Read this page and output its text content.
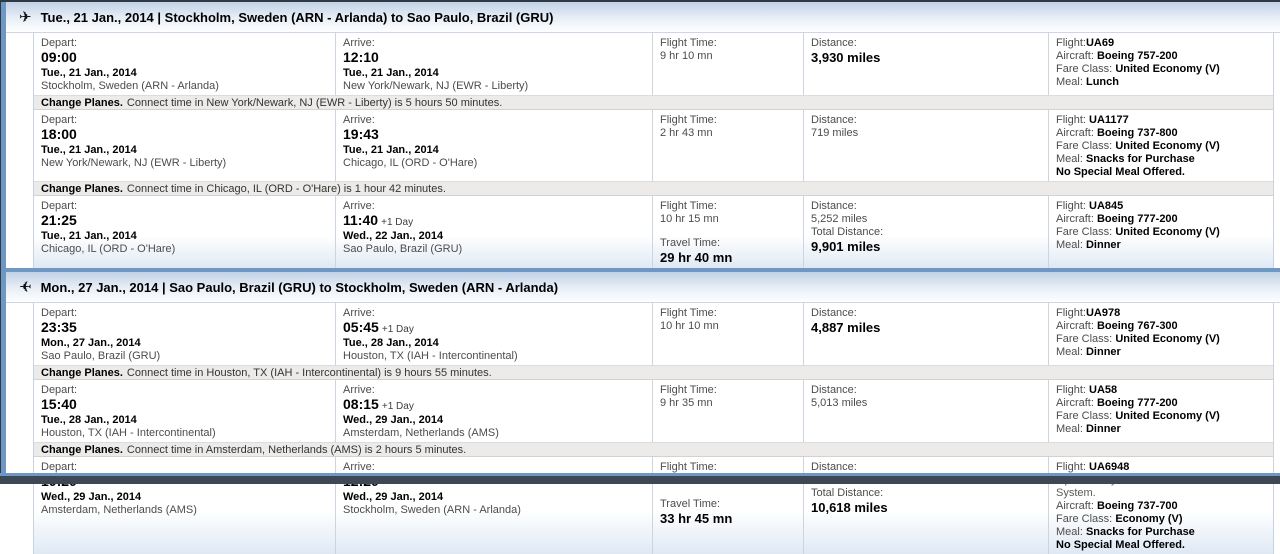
✈ Tue., 21 Jan., 2014 | Stockholm, Sweden (ARN - Arlanda) to Sao Paulo, Brazil (GRU)
Depart:
09:00
Tue., 21 Jan., 2014
Stockholm, Sweden (ARN - Arlanda)
Arrive:
12:10
Tue., 21 Jan., 2014
New York/Newark, NJ (EWR - Liberty)
Flight Time:
9 hr 10 mn
Distance:
3,930 miles
Flight:UA69
Aircraft: Boeing 757-200
Fare Class: United Economy (V)
Meal: Lunch
Change Planes. Connect time in New York/Newark, NJ (EWR - Liberty) is 5 hours 50 minutes.
Depart:
18:00
Tue., 21 Jan., 2014
New York/Newark, NJ (EWR - Liberty)
Arrive:
19:43
Tue., 21 Jan., 2014
Chicago, IL (ORD - O'Hare)
Flight Time:
2 hr 43 mn
Distance:
719 miles
Flight: UA1177
Aircraft: Boeing 737-800
Fare Class: United Economy (V)
Meal: Snacks for Purchase
No Special Meal Offered.
Change Planes. Connect time in Chicago, IL (ORD - O'Hare) is 1 hour 42 minutes.
Depart:
21:25
Tue., 21 Jan., 2014
Chicago, IL (ORD - O'Hare)
Arrive:
11:40 +1 Day
Wed., 22 Jan., 2014
Sao Paulo, Brazil (GRU)
Flight Time:
10 hr 15 mn
Travel Time:
29 hr 40 mn
Distance:
5,252 miles
Total Distance:
9,901 miles
Flight: UA845
Aircraft: Boeing 777-200
Fare Class: United Economy (V)
Meal: Dinner
✈ Mon., 27 Jan., 2014 | Sao Paulo, Brazil (GRU) to Stockholm, Sweden (ARN - Arlanda)
Depart:
23:35
Mon., 27 Jan., 2014
Sao Paulo, Brazil (GRU)
Arrive:
05:45 +1 Day
Tue., 28 Jan., 2014
Houston, TX (IAH - Intercontinental)
Flight Time:
10 hr 10 mn
Distance:
4,887 miles
Flight:UA978
Aircraft: Boeing 767-300
Fare Class: United Economy (V)
Meal: Dinner
Change Planes. Connect time in Houston, TX (IAH - Intercontinental) is 9 hours 55 minutes.
Depart:
15:40
Tue., 28 Jan., 2014
Houston, TX (IAH - Intercontinental)
Arrive:
08:15 +1 Day
Wed., 29 Jan., 2014
Amsterdam, Netherlands (AMS)
Flight Time:
9 hr 35 mn
Distance:
5,013 miles
Flight: UA58
Aircraft: Boeing 777-200
Fare Class: United Economy (V)
Meal: Dinner
Change Planes. Connect time in Amsterdam, Netherlands (AMS) is 2 hours 5 minutes.
Depart:
Wed., 29 Jan., 2014
Amsterdam, Netherlands (AMS)
Arrive:
Wed., 29 Jan., 2014
Stockholm, Sweden (ARN - Arlanda)
Flight Time:
Travel Time:
33 hr 45 mn
Distance:
Total Distance:
10,618 miles
Flight: UA6948
System.
Aircraft: Boeing 737-700
Fare Class: Economy (V)
Meal: Snacks for Purchase
No Special Meal Offered.
